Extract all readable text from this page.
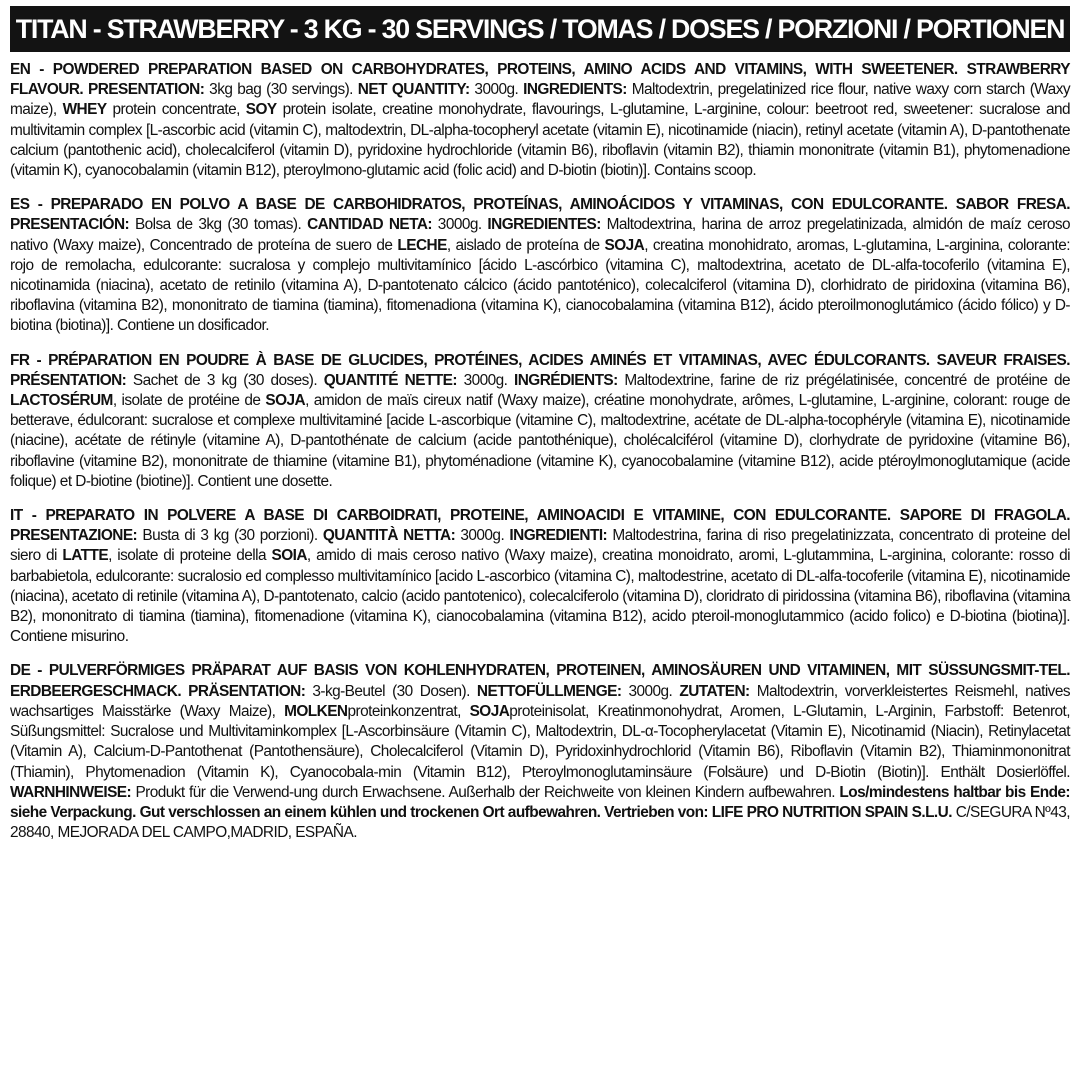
TITAN - STRAWBERRY - 3 KG - 30 SERVINGS / TOMAS / DOSES / PORZIONI / PORTIONEN

EN - POWDERED PREPARATION BASED ON CARBOHYDRATES, PROTEINS, AMINO ACIDS AND VITAMINS, WITH SWEETENER. STRAWBERRY FLAVOUR. PRESENTATION: 3kg bag (30 servings). NET QUANTITY: 3000g. INGREDIENTS: Maltodextrin, pregelatinized rice flour, native waxy corn starch (Waxy maize), WHEY protein concentrate, SOY protein isolate, creatine monohydrate, flavourings, L-glutamine, L-arginine, colour: beetroot red, sweetener: sucralose and multivitamin complex [L-ascorbic acid (vitamin C), maltodextrin, DL-alpha-tocopheryl acetate (vitamin E), nicotinamide (niacin), retinyl acetate (vitamin A), D-pantothenate calcium (pantothenic acid), cholecalciferol (vitamin D), pyridoxine hydrochloride (vitamin B6), riboflavin (vitamin B2), thiamin mononitrate (vitamin B1), phytomenadione (vitamin K), cyanocobalamin (vitamin B12), pteroylmono-glutamic acid (folic acid) and D-biotin (biotin)]. Contains scoop.

ES - PREPARADO EN POLVO A BASE DE CARBOHIDRATOS, PROTEÍNAS, AMINOÁCIDOS Y VITAMINAS, CON EDULCORANTE. SABOR FRESA. PRESENTACIÓN: Bolsa de 3kg (30 tomas). CANTIDAD NETA: 3000g. INGREDIENTES: Maltodextrina, harina de arroz pregelatinizada, almidón de maíz ceroso nativo (Waxy maize), Concentrado de proteína de suero de LECHE, aislado de proteína de SOJA, creatina monohidrato, aromas, L-glutamina, L-arginina, colorante: rojo de remolacha, edulcorante: sucralosa y complejo multivitamínico [ácido L-ascórbico (vitamina C), maltodextrina, acetato de DL-alfa-tocoferilo (vitamina E), nicotinamida (niacina), acetato de retinilo (vitamina A), D-pantotenato cálcico (ácido pantoténico), colecalciferol (vitamina D), clorhidrato de piridoxina (vitamina B6), riboflavina (vitamina B2), mononitrato de tiamina (tiamina), fitomenadiona (vitamina K), cianocobalamina (vitamina B12), ácido pteroilmonoglutámico (ácido fólico) y D-biotina (biotina)]. Contiene un dosificador.

FR - PRÉPARATION EN POUDRE À BASE DE GLUCIDES, PROTÉINES, ACIDES AMINÉS ET VITAMINAS, AVEC ÉDULCORANTS. SAVEUR FRAISES. PRÉSENTATION: Sachet de 3 kg (30 doses). QUANTITÉ NETTE: 3000g. INGRÉDIENTS: Maltodextrine, farine de riz prégélatinisée, concentré de protéine de LACTOSÉRUM, isolate de protéine de SOJA, amidon de maïs cireux natif (Waxy maize), créatine monohydrate, arômes, L-glutamine, L-arginine, colorant: rouge de betterave, édulcorant: sucralose et complexe multivitaminé [acide L-ascorbique (vitamine C), maltodextrine, acétate de DL-alpha-tocophéryle (vitamina E), nicotinamide (niacine), acétate de rétinyle (vitamine A), D-pantothénate de calcium (acide pantothénique), cholécalciférol (vitamine D), clorhydrate de pyridoxine (vitamine B6), riboflavine (vitamine B2), mononitrate de thiamine (vitamine B1), phytoménadione (vitamine K), cyanocobalamine (vitamine B12), acide ptéroylmonoglutamique (acide folique) et D-biotine (biotine)]. Contient une dosette.

IT - PREPARATO IN POLVERE A BASE DI CARBOIDRATI, PROTEINE, AMINOACIDI E VITAMINE, CON EDULCORANTE. SAPORE DI FRAGOLA. PRESENTAZIONE: Busta di 3 kg (30 porzioni). QUANTITÀ NETTA: 3000g. INGREDIENTI: Maltodestrina, farina di riso pregelatinizzata, concentrato di proteine del siero di LATTE, isolate di proteine della SOIA, amido di mais ceroso nativo (Waxy maize), creatina monoidrato, aromi, L-glutammina, L-arginina, colorante: rosso di barbabietola, edulcorante: sucralosio ed complesso multivitamínico [acido L-ascorbico (vitamina C), maltodestrine, acetato di DL-alfa-tocoferile (vitamina E), nicotinamide (niacina), acetato di retinile (vitamina A), D-pantotenato, calcio (acido pantotenico), colecalciferolo (vitamina D), cloridrato di piridossina (vitamina B6), riboflavina (vitamina B2), mononitrato di tiamina (tiamina), fitomenadione (vitamina K), cianocobalamina (vitamina B12), acido pteroil-monoglutammico (acido folico) e D-biotina (biotina)]. Contiene misurino.

DE - PULVERFÖRMIGES PRÄPARAT AUF BASIS VON KOHLENHYDRATEN, PROTEINEN, AMINOSÄUREN UND VITAMINEN, MIT SÜSSUNGSMIT-TEL. ERDBEERGESCHMACK. PRÄSENTATION: 3-kg-Beutel (30 Dosen). NETTOFÜLLMENGE: 3000g. ZUTATEN: Maltodextrin, vorverkleistertes Reismehl, natives wachsartiges Maisstärke (Waxy Maize), MOLKENproteinkonzentrat, SOJAproteinisolat, Kreatinmonohydrat, Aromen, L-Glutamin, L-Arginin, Farbstoff: Betenrot, Süßungsmittel: Sucralose und Multivitaminkomplex [L-Ascorbinsäure (Vitamin C), Maltodextrin, DL-α-Tocopherylacetat (Vitamin E), Nicotinamid (Niacin), Retinylacetat (Vitamin A), Calcium-D-Pantothenat (Pantothensäure), Cholecalciferol (Vitamin D), Pyridoxinhydrochlorid (Vitamin B6), Riboflavin (Vitamin B2), Thiaminmononitrat (Thiamin), Phytomenadion (Vitamin K), Cyanocobala-min (Vitamin B12), Pteroylmonoglutaminsäure (Folsäure) und D-Biotin (Biotin)]. Enthält Dosierlöffel. WARNHINWEISE: Produkt für die Verwend-ung durch Erwachsene. Außerhalb der Reichweite von kleinen Kindern aufbewahren. Los/mindestens haltbar bis Ende: siehe Verpackung. Gut verschlossen an einem kühlen und trockenen Ort aufbewahren. Vertrieben von: LIFE PRO NUTRITION SPAIN S.L.U. C/SEGURA Nº43, 28840, MEJORADA DEL CAMPO,MADRID, ESPAÑA.
